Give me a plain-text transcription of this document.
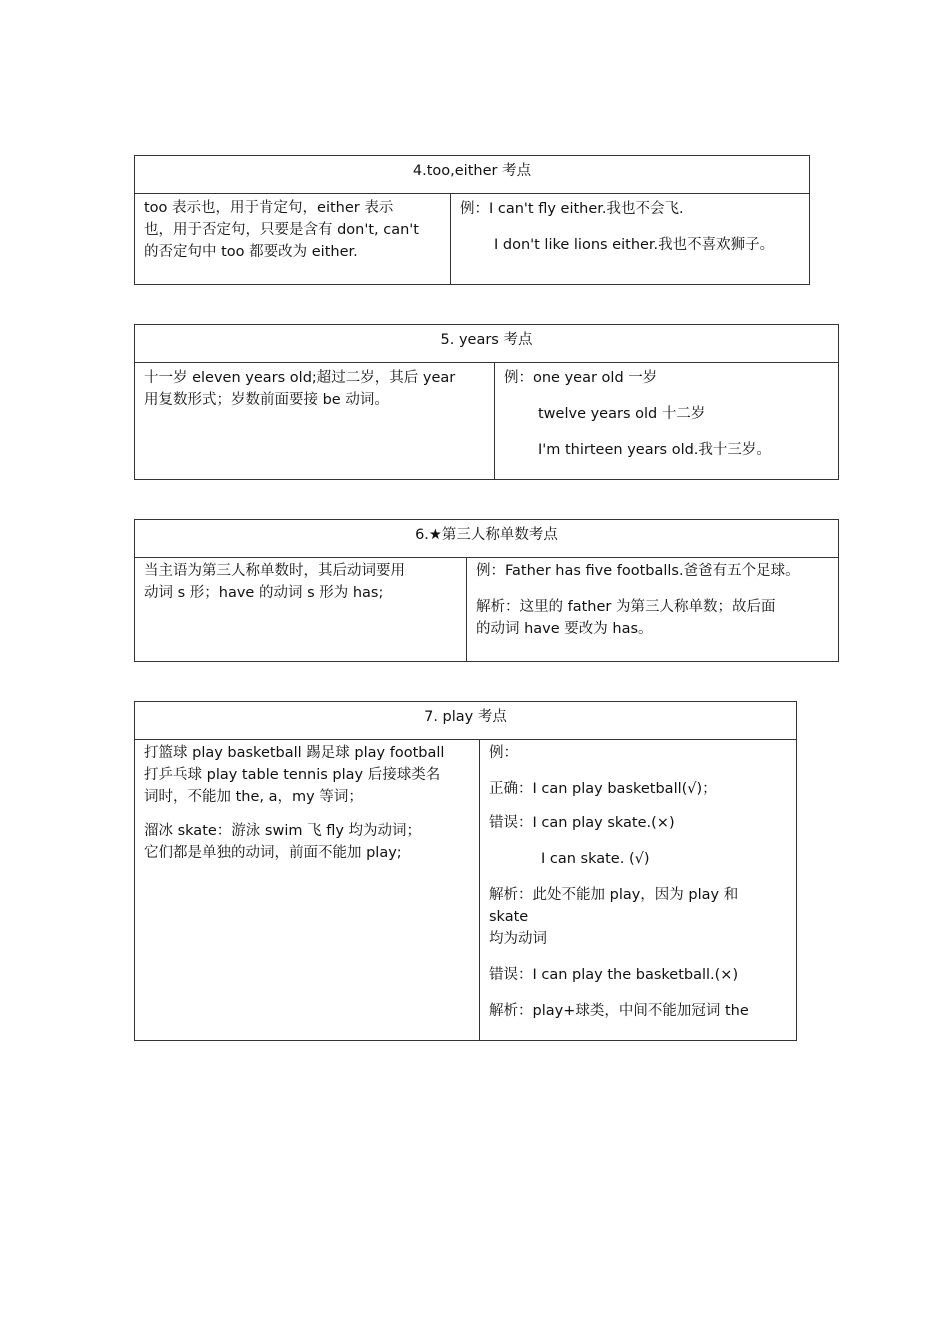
4.too,either 考点

too 表示也，用于肯定句，either 表示

也，用于否定句，只要是含有 don't, can't

的否定句中 too 都要改为 either.

例：I can't fly either.我也不会飞.

I don't like lions either.我也不喜欢狮子。

5. years 考点

十一岁 eleven years old;超过二岁，其后 year

用复数形式；岁数前面要接 be 动词。

例：one year old 一岁

twelve years old 十二岁

I'm thirteen years old.我十三岁。

6.★第三人称单数考点

当主语为第三人称单数时，其后动词要用

动词 s 形；have 的动词 s 形为 has;

例：Father has five footballs.爸爸有五个足球。

解析：这里的 father 为第三人称单数；故后面

的动词 have 要改为 has。

7. play 考点

打篮球 play basketball 踢足球 play football

打乒乓球 play table tennis play 后接球类名

词时，不能加 the, a，my 等词；

溜冰 skate：游泳 swim 飞 fly 均为动词；

它们都是单独的动词，前面不能加 play;

例：

正确：I can play basketball(√)；

错误：I can play skate.(×)

I can skate. (√)

解析：此处不能加 play，因为 play 和

skate

均为动词

错误：I can play the basketball.(×)

解析：play+球类，中间不能加冠词 the
